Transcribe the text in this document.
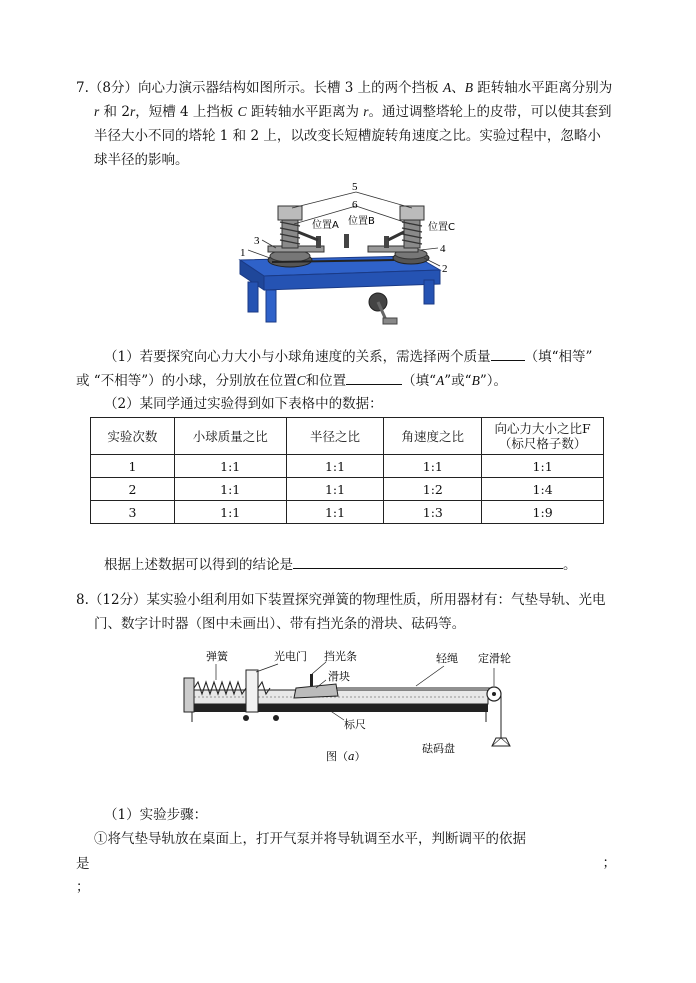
7.（8分）向心力演示器结构如图所示。长槽 3 上的两个挡板 A、B 距转轴水平距离分别为
r 和 2r，短槽 4 上挡板 C 距转轴水平距离为 r。通过调整塔轮上的皮带，可以使其套到
半径大小不同的塔轮 1 和 2 上，以改变长短槽旋转角速度之比。实验过程中，忽略小
球半径的影响。
5
6
3
1	4
2
位置A 位置B
位置C
（1）若要探究向心力大小与小球角速度的关系，需选择两个质量	（填“相等”
或 “不相等”）的小球，分别放在位置C和位置	（填“A”或“B”）。
（2）某同学通过实验得到如下表格中的数据：
实验次数	小球质量之比	半径之比	角速度之比	向心力大小之比F
（标尺格子数）

1	1:1	1:1	1:1	1:1
2	1:1	1:1	1:2	1:4
3	1:1	1:1	1:3	1:9
根据上述数据可以得到的结论是	。
8.（12分）某实验小组利用如下装置探究弹簧的物理性质，所用器材有：气垫导轨、光电
门、数字计时器（图中未画出）、带有挡光条的滑块、砝码等。
弹簧	光电门 挡光条
滑块
轻绳 定滑轮
标尺
砝码盘
图（a）
（1）实验步骤：
①将气垫导轨放在桌面上，打开气泵并将导轨调至水平，判断调平的依据
是	；
；
